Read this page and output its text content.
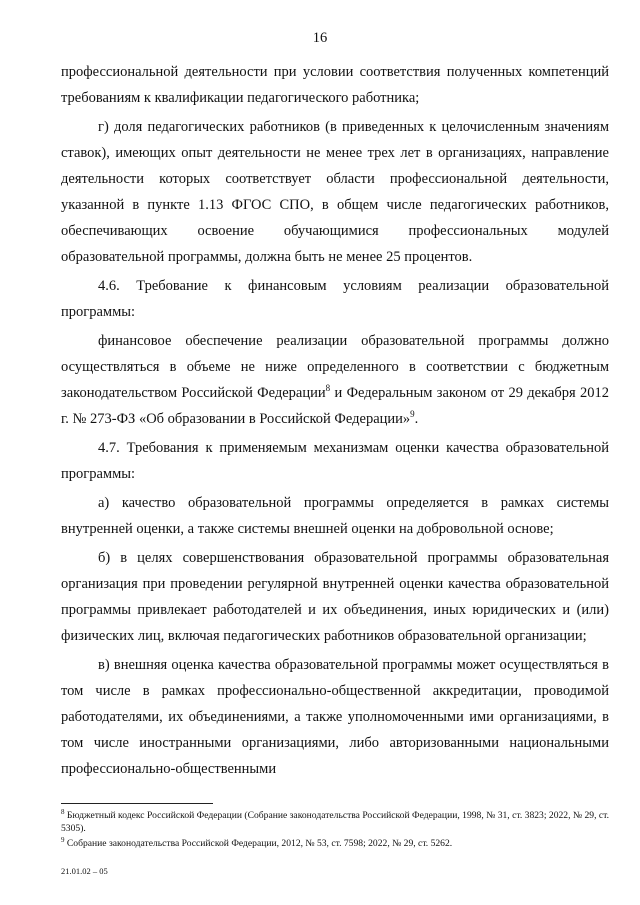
16

профессиональной деятельности при условии соответствия полученных компетенций требованиям к квалификации педагогического работника;

г) доля педагогических работников (в приведенных к целочисленным значениям ставок), имеющих опыт деятельности не менее трех лет в организациях, направление деятельности которых соответствует области профессиональной деятельности, указанной в пункте 1.13 ФГОС СПО, в общем числе педагогических работников, обеспечивающих освоение обучающимися профессиональных модулей образовательной программы, должна быть не менее 25 процентов.

4.6. Требование к финансовым условиям реализации образовательной программы:

финансовое обеспечение реализации образовательной программы должно осуществляться в объеме не ниже определенного в соответствии с бюджетным законодательством Российской Федерации$^8$ и Федеральным законом от 29 декабря 2012 г. № 273-ФЗ «Об образовании в Российской Федерации»$^9$.

4.7. Требования к применяемым механизмам оценки качества образовательной программы:

а) качество образовательной программы определяется в рамках системы внутренней оценки, а также системы внешней оценки на добровольной основе;

б) в целях совершенствования образовательной программы образовательная организация при проведении регулярной внутренней оценки качества образовательной программы привлекает работодателей и их объединения, иных юридических и (или) физических лиц, включая педагогических работников образовательной организации;

в) внешняя оценка качества образовательной программы может осуществляться в том числе в рамках профессионально-общественной аккредитации, проводимой работодателями, их объединениями, а также уполномоченными ими организациями, в том числе иностранными организациями, либо авторизованными национальными профессионально-общественными

$^8$ Бюджетный кодекс Российской Федерации (Собрание законодательства Российской Федерации, 1998, № 31, ст. 3823; 2022, № 29, ст. 5305).

$^9$ Собрание законодательства Российской Федерации, 2012, № 53, ст. 7598; 2022, № 29, ст. 5262.

21.01.02 – 05
